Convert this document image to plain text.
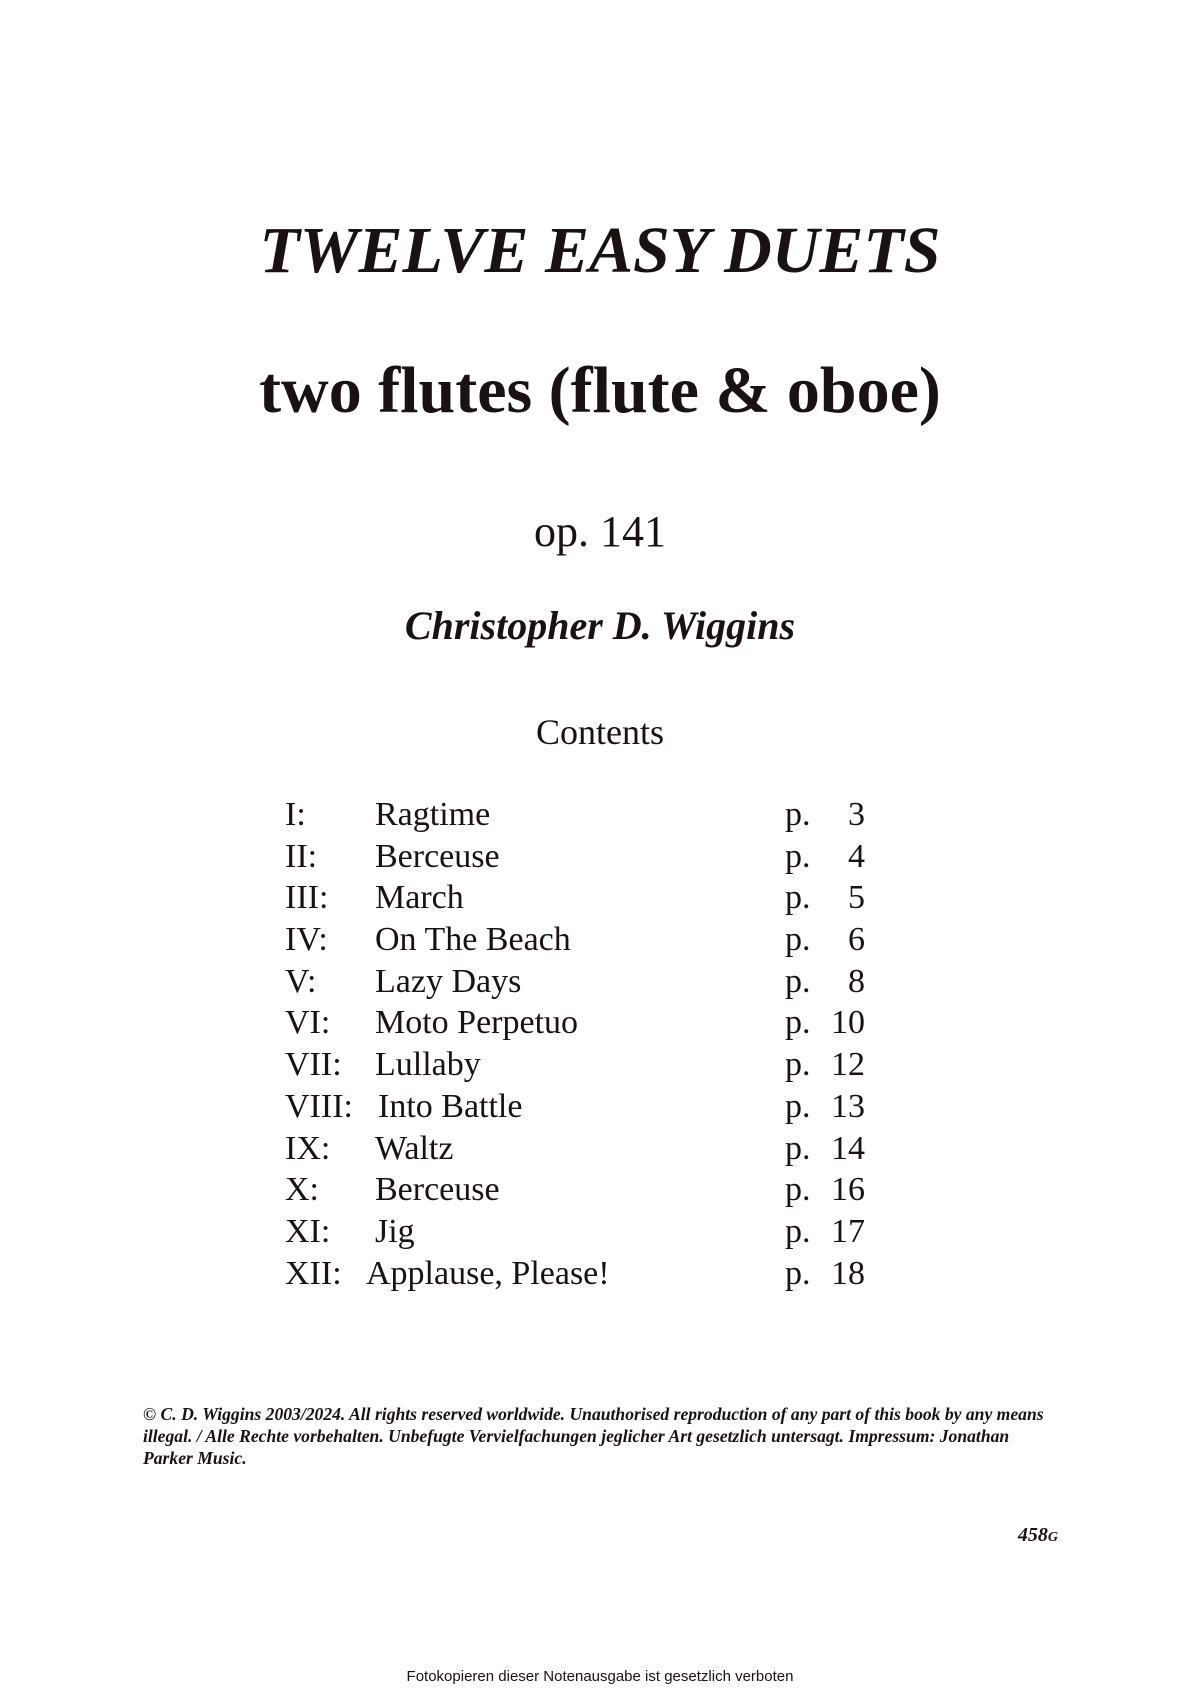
TWELVE EASY DUETS
two flutes (flute & oboe)
op. 141
Christopher D. Wiggins
Contents
I: Ragtime	p. 3
II: Berceuse	p. 4
III: March	p. 5
IV: On The Beach	p. 6
V: Lazy Days	p. 8
VI: Moto Perpetuo	p. 10
VII: Lullaby	p. 12
VIII: Into Battle	p. 13
IX: Waltz	p. 14
X: Berceuse	p. 16
XI: Jig	p. 17
XII: Applause, Please!	p. 18

© C. D. Wiggins 2003/2024. All rights reserved worldwide. Unauthorised reproduction of any part of this book by any means illegal. / Alle Rechte vorbehalten. Unbefugte Vervielfachungen jeglicher Art gesetzlich untersagt. Impressum: Jonathan Parker Music.

458G
Fotokopieren dieser Notenausgabe ist gesetzlich verboten
